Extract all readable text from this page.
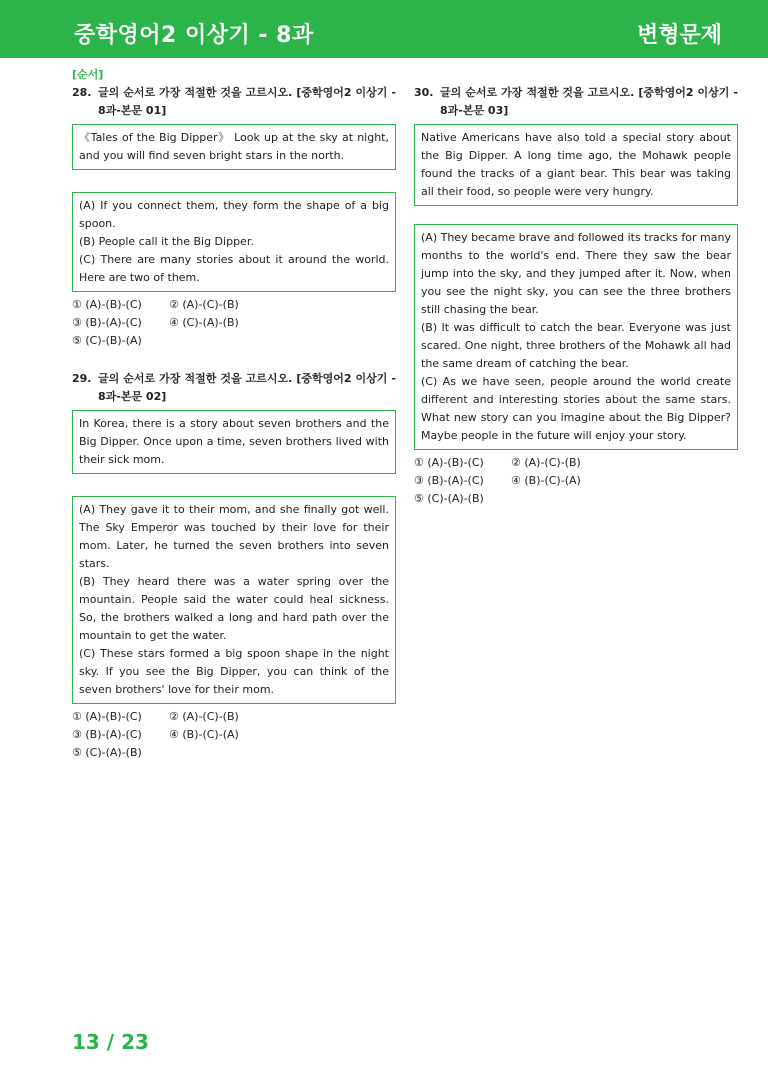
중학영어2 이상기 - 8과	변형문제
[순서]
28. 글의 순서로 가장 적절한 것을 고르시오. [중학영어2 이상기 -
8과-본문 01]

《Tales of the Big Dipper》 Look up at the sky at night, and you will find seven bright stars in the north.

(A) If you connect them, they form the shape of a big spoon.

(B) People call it the Big Dipper.

(C) There are many stories about it around the world. Here are two of them.

① (A)-(B)-(C)	② (A)-(C)-(B)
③ (B)-(A)-(C)	④ (C)-(A)-(B)
⑤ (C)-(B)-(A)
29. 글의 순서로 가장 적절한 것을 고르시오. [중학영어2 이상기 -
8과-본문 02]

In Korea, there is a story about seven brothers and the Big Dipper. Once upon a time, seven brothers lived with their sick mom.

(A) They gave it to their mom, and she finally got well. The Sky Emperor was touched by their love for their mom. Later, he turned the seven brothers into seven stars.

(B) They heard there was a water spring over the mountain. People said the water could heal sickness. So, the brothers walked a long and hard path over the mountain to get the water.

(C) These stars formed a big spoon shape in the night sky. If you see the Big Dipper, you can think of the seven brothers' love for their mom.

① (A)-(B)-(C)	② (A)-(C)-(B)
③ (B)-(A)-(C)	④ (B)-(C)-(A)
⑤ (C)-(A)-(B)
30. 글의 순서로 가장 적절한 것을 고르시오. [중학영어2 이상기 -
8과-본문 03]

Native Americans have also told a special story about the Big Dipper. A long time ago, the Mohawk people found the tracks of a giant bear. This bear was taking all their food, so people were very hungry.

(A) They became brave and followed its tracks for many months to the world's end. There they saw the bear jump into the sky, and they jumped after it. Now, when you see the night sky, you can see the three brothers still chasing the bear.

(B) It was difficult to catch the bear. Everyone was just scared. One night, three brothers of the Mohawk all had the same dream of catching the bear.

(C) As we have seen, people around the world create different and interesting stories about the same stars. What new story can you imagine about the Big Dipper? Maybe people in the future will enjoy your story.

① (A)-(B)-(C)	② (A)-(C)-(B)
③ (B)-(A)-(C)	④ (B)-(C)-(A)
⑤ (C)-(A)-(B)
13 / 23
